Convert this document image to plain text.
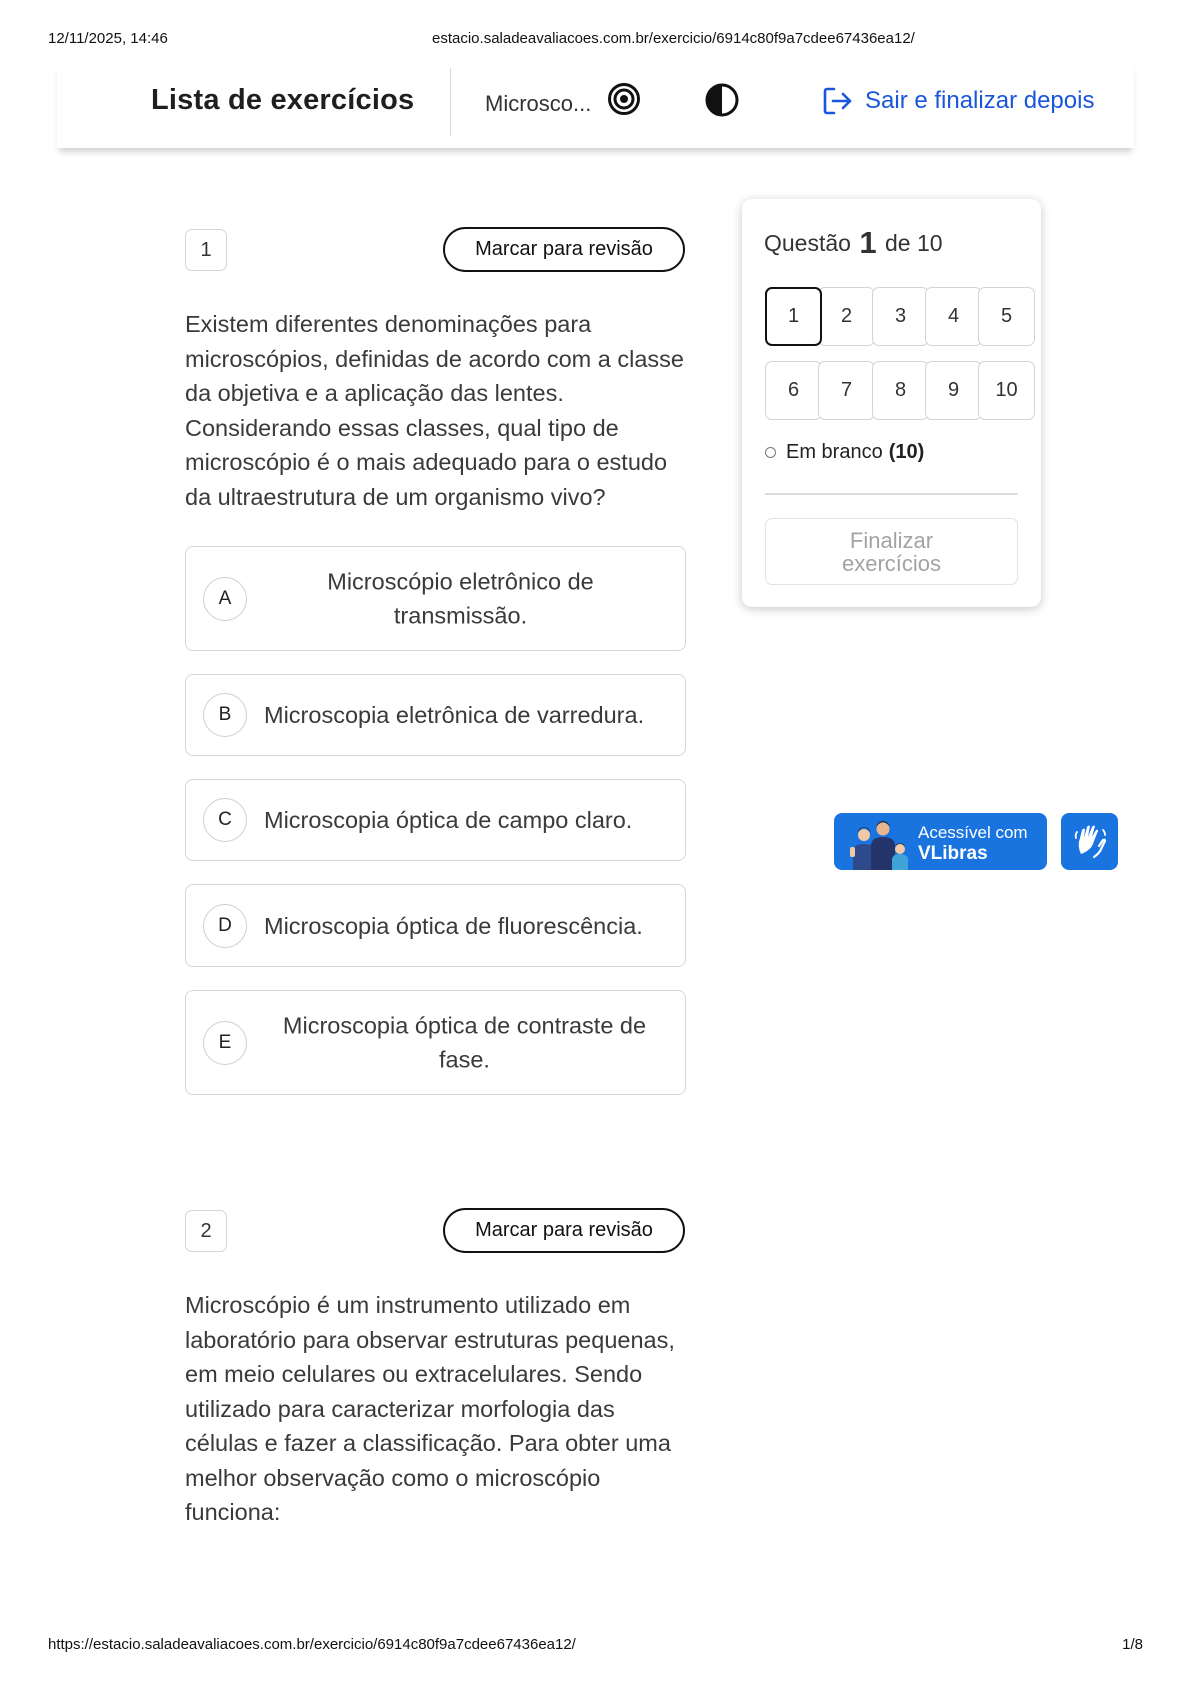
12/11/2025, 14:46	estacio.saladeavaliacoes.com.br/exercicio/6914c80f9a7cdee67436ea12/
Lista de exercícios	Microsco...	Sair e finalizar depois
1	Marcar para revisão
Existem diferentes denominações para microscópios, definidas de acordo com a classe da objetiva e a aplicação das lentes. Considerando essas classes, qual tipo de microscópio é o mais adequado para o estudo da ultraestrutura de um organismo vivo?
A
Microscópio eletrônico de transmissão.
B	Microscopia eletrônica de varredura.
C	Microscopia óptica de campo claro.
D	Microscopia óptica de fluorescência.
E
Microscopia óptica de contraste de fase.
2	Marcar para revisão
Microscópio é um instrumento utilizado em laboratório para observar estruturas pequenas, em meio celulares ou extracelulares. Sendo utilizado para caracterizar morfologia das células e fazer a classificação. Para obter uma melhor observação como o microscópio funciona:
Questão 1 de 10
1	2	3	4	5
6	7	8	9	10
Em branco (10)
Finalizar exercícios
Acessível com
VLibras
https://estacio.saladeavaliacoes.com.br/exercicio/6914c80f9a7cdee67436ea12/	1/8
